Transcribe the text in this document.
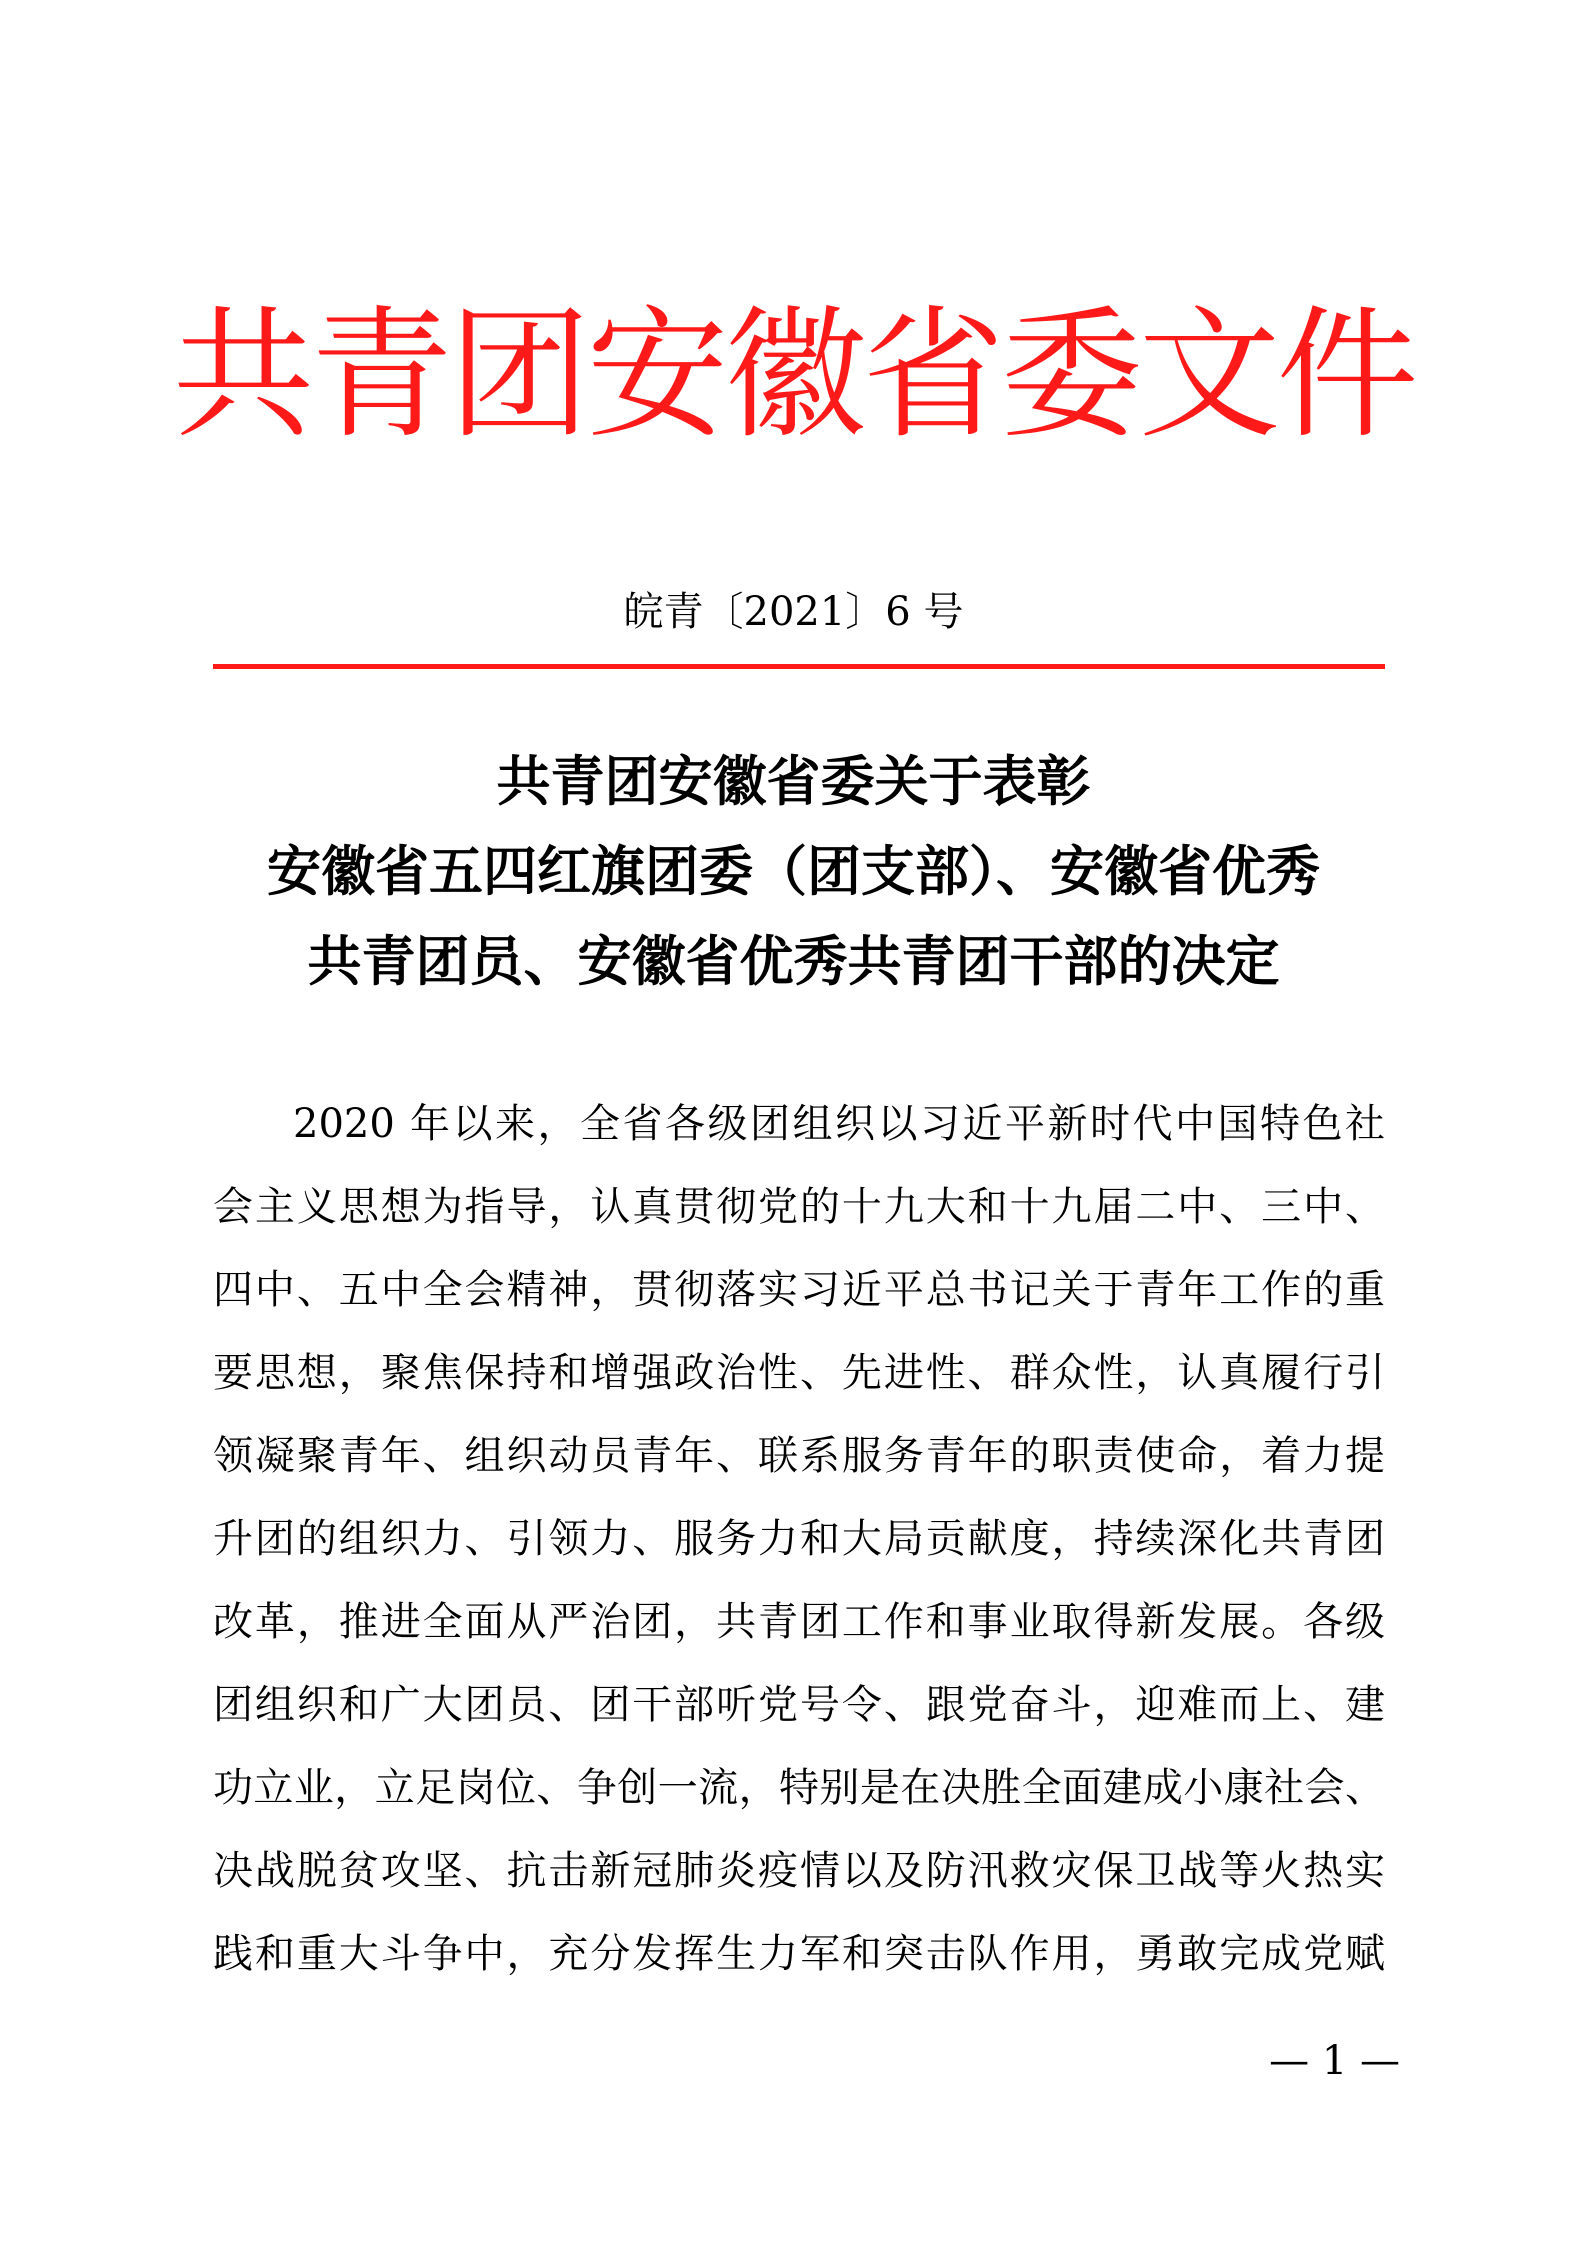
共青团安徽省委文件
皖青〔2021〕6 号
共青团安徽省委关于表彰
安徽省五四红旗团委（团支部）、安徽省优秀
共青团员、安徽省优秀共青团干部的决定
2020 年以来，全省各级团组织以习近平新时代中国特色社
会主义思想为指导，认真贯彻党的十九大和十九届二中、三中、
四中、五中全会精神，贯彻落实习近平总书记关于青年工作的重
要思想，聚焦保持和增强政治性、先进性、群众性，认真履行引
领凝聚青年、组织动员青年、联系服务青年的职责使命，着力提
升团的组织力、引领力、服务力和大局贡献度，持续深化共青团
改革，推进全面从严治团，共青团工作和事业取得新发展。各级
团组织和广大团员、团干部听党号令、跟党奋斗，迎难而上、建
功立业，立足岗位、争创一流，特别是在决胜全面建成小康社会、
决战脱贫攻坚、抗击新冠肺炎疫情以及防汛救灾保卫战等火热实
践和重大斗争中，充分发挥生力军和突击队作用，勇敢完成党赋
— 1 —
